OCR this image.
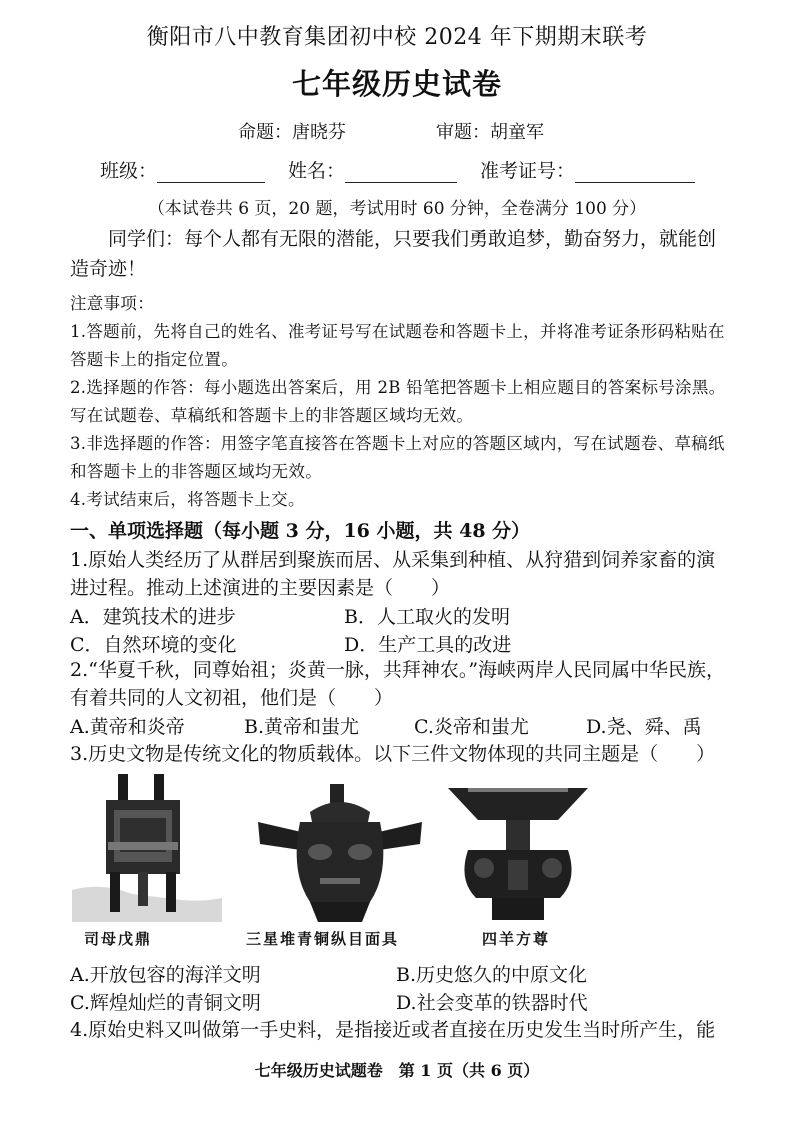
衡阳市八中教育集团初中校 2024 年下期期末联考
七年级历史试卷
命题：唐晓芬	审题：胡童军
班级：	姓名：	准考证号：
（本试卷共 6 页，20 题，考试用时 60 分钟，全卷满分 100 分）
同学们：每个人都有无限的潜能，只要我们勇敢追梦，勤奋努力，就能创造奇迹！
注意事项：
1.答题前，先将自己的姓名、准考证号写在试题卷和答题卡上，并将准考证条形码粘贴在答题卡上的指定位置。
2.选择题的作答：每小题选出答案后，用 2B 铅笔把答题卡上相应题目的答案标号涂黑。写在试题卷、草稿纸和答题卡上的非答题区域均无效。
3.非选择题的作答：用签字笔直接答在答题卡上对应的答题区域内，写在试题卷、草稿纸和答题卡上的非答题区域均无效。
4.考试结束后，将答题卡上交。
一、单项选择题（每小题 3 分，16 小题，共 48 分）
1.原始人类经历了从群居到聚族而居、从采集到种植、从狩猎到饲养家畜的演进过程。推动上述演进的主要因素是（　　）
A．建筑技术的进步	B．人工取火的发明
C．自然环境的变化	D．生产工具的改进
2.“华夏千秋，同尊始祖；炎黄一脉，共拜神农。”海峡两岸人民同属中华民族，有着共同的人文初祖，他们是（　　）
A.黄帝和炎帝	B.黄帝和蚩尤	C.炎帝和蚩尤	D.尧、舜、禹
3.历史文物是传统文化的物质载体。以下三件文物体现的共同主题是（　　）
司母戊鼎	三星堆青铜纵目面具	四羊方尊
A.开放包容的海洋文明	B.历史悠久的中原文化
C.辉煌灿烂的青铜文明	D.社会变革的铁器时代
4.原始史料又叫做第一手史料，是指接近或者直接在历史发生当时所产生，能
七年级历史试题卷　第 1 页（共 6 页）
